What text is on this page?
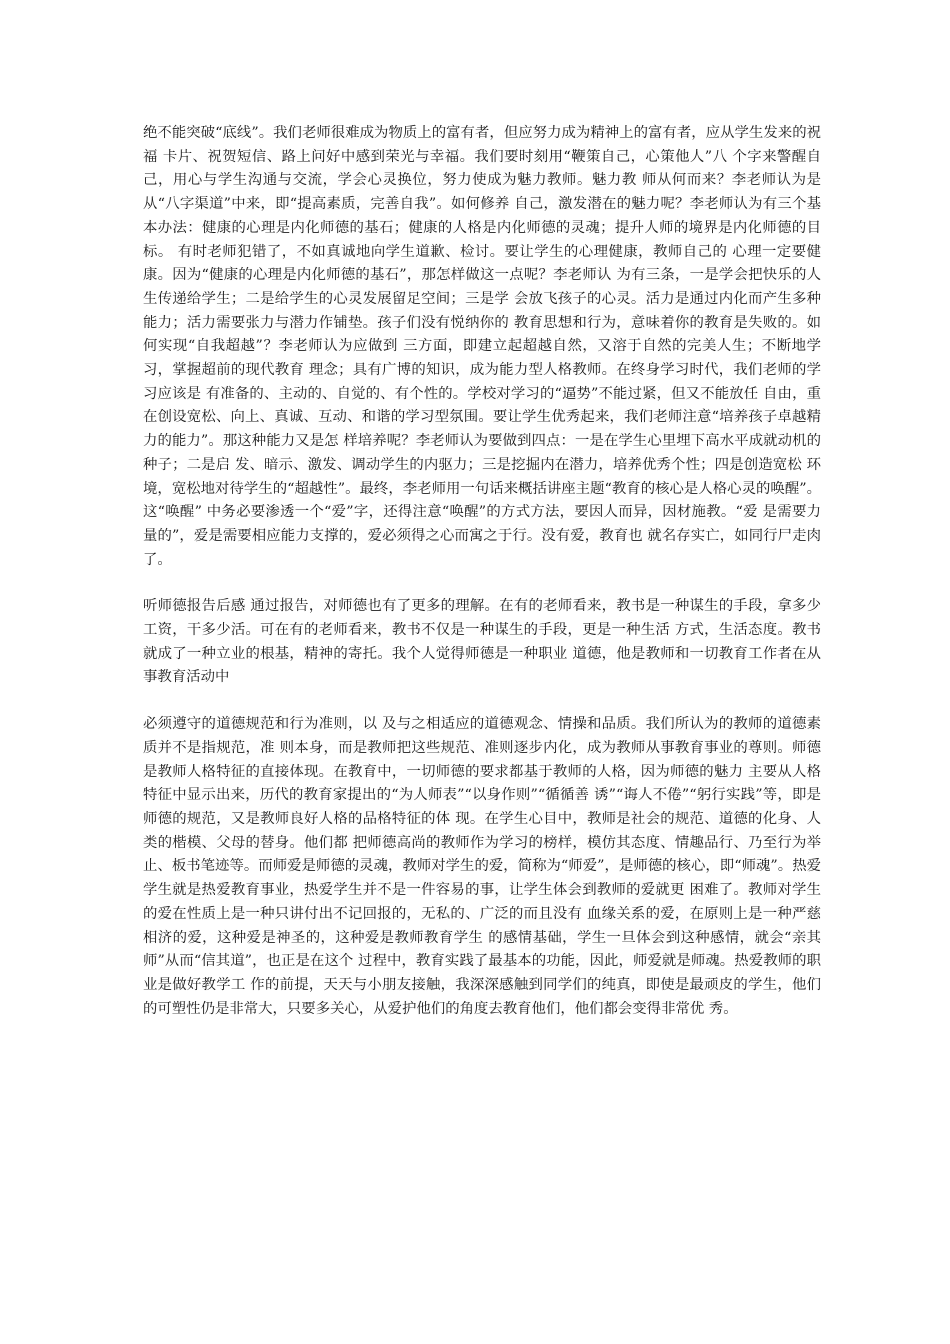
绝不能突破“底线”。我们老师很难成为物质上的富有者，但应努力成为精神上的富有者，应从学生发来的祝福 卡片、祝贺短信、路上问好中感到荣光与幸福。我们要时刻用“鞭策自己，心策他人”八 个字来警醒自己，用心与学生沟通与交流，学会心灵换位，努力使成为魅力教师。魅力教 师从何而来？李老师认为是从“八字渠道”中来，即“提高素质，完善自我”。如何修养 自己，激发潜在的魅力呢？李老师认为有三个基本办法：健康的心理是内化师德的基石；健康的人格是内化师德的灵魂；提升人师的境界是内化师德的目标。 有时老师犯错了，不如真诚地向学生道歉、检讨。要让学生的心理健康，教师自己的 心理一定要健康。因为“健康的心理是内化师德的基石”，那怎样做这一点呢？李老师认 为有三条，一是学会把快乐的人生传递给学生；二是给学生的心灵发展留足空间；三是学 会放飞孩子的心灵。活力是通过内化而产生多种能力；活力需要张力与潜力作铺垫。孩子们没有悦纳你的 教育思想和行为，意味着你的教育是失败的。如何实现“自我超越”？李老师认为应做到 三方面，即建立起超越自然，又溶于自然的完美人生；不断地学习，掌握超前的现代教育 理念；具有广博的知识，成为能力型人格教师。在终身学习时代，我们老师的学习应该是 有准备的、主动的、自觉的、有个性的。学校对学习的“逼势”不能过紧，但又不能放任 自由，重在创设宽松、向上、真诚、互动、和谐的学习型氛围。要让学生优秀起来，我们老师注意“培养孩子卓越精力的能力”。那这种能力又是怎 样培养呢？李老师认为要做到四点：一是在学生心里埋下高水平成就动机的种子；二是启 发、暗示、激发、调动学生的内驱力；三是挖掘内在潜力，培养优秀个性；四是创造宽松 环境，宽松地对待学生的“超越性”。最终，李老师用一句话来概括讲座主题“教育的核心是人格心灵的唤醒”。这“唤醒” 中务必要渗透一个“爱”字，还得注意“唤醒”的方式方法，要因人而异，因材施教。“爱 是需要力量的”，爱是需要相应能力支撑的，爱必须得之心而寓之于行。没有爱，教育也 就名存实亡，如同行尸走肉了。

听师德报告后感 通过报告，对师德也有了更多的理解。在有的老师看来，教书是一种谋生的手段，拿多少工资，干多少活。可在有的老师看来，教书不仅是一种谋生的手段，更是一种生活 方式，生活态度。教书就成了一种立业的根基，精神的寄托。我个人觉得师德是一种职业 道德，他是教师和一切教育工作者在从事教育活动中

必须遵守的道德规范和行为准则，以 及与之相适应的道德观念、情操和品质。我们所认为的教师的道德素质并不是指规范，准 则本身，而是教师把这些规范、准则逐步内化，成为教师从事教育事业的尊则。师德是教师人格特征的直接体现。在教育中，一切师德的要求都基于教师的人格，因为师德的魅力 主要从人格特征中显示出来，历代的教育家提出的“为人师表”“以身作则”“循循善 诱”“诲人不倦”“躬行实践”等，即是师德的规范，又是教师良好人格的品格特征的体 现。在学生心目中，教师是社会的规范、道德的化身、人类的楷模、父母的替身。他们都 把师德高尚的教师作为学习的榜样，模仿其态度、情趣品行、乃至行为举止、板书笔迹等。而师爱是师德的灵魂，教师对学生的爱，简称为“师爱”，是师德的核心，即“师魂”。热爱学生就是热爱教育事业，热爱学生并不是一件容易的事，让学生体会到教师的爱就更 困难了。教师对学生的爱在性质上是一种只讲付出不记回报的，无私的、广泛的而且没有 血缘关系的爱，在原则上是一种严慈相济的爱，这种爱是神圣的，这种爱是教师教育学生 的感情基础，学生一旦体会到这种感情，就会“亲其师”从而“信其道”，也正是在这个 过程中，教育实践了最基本的功能，因此，师爱就是师魂。热爱教师的职业是做好教学工 作的前提，天天与小朋友接触，我深深感触到同学们的纯真，即使是最顽皮的学生，他们 的可塑性仍是非常大，只要多关心，从爱护他们的角度去教育他们，他们都会变得非常优 秀。
